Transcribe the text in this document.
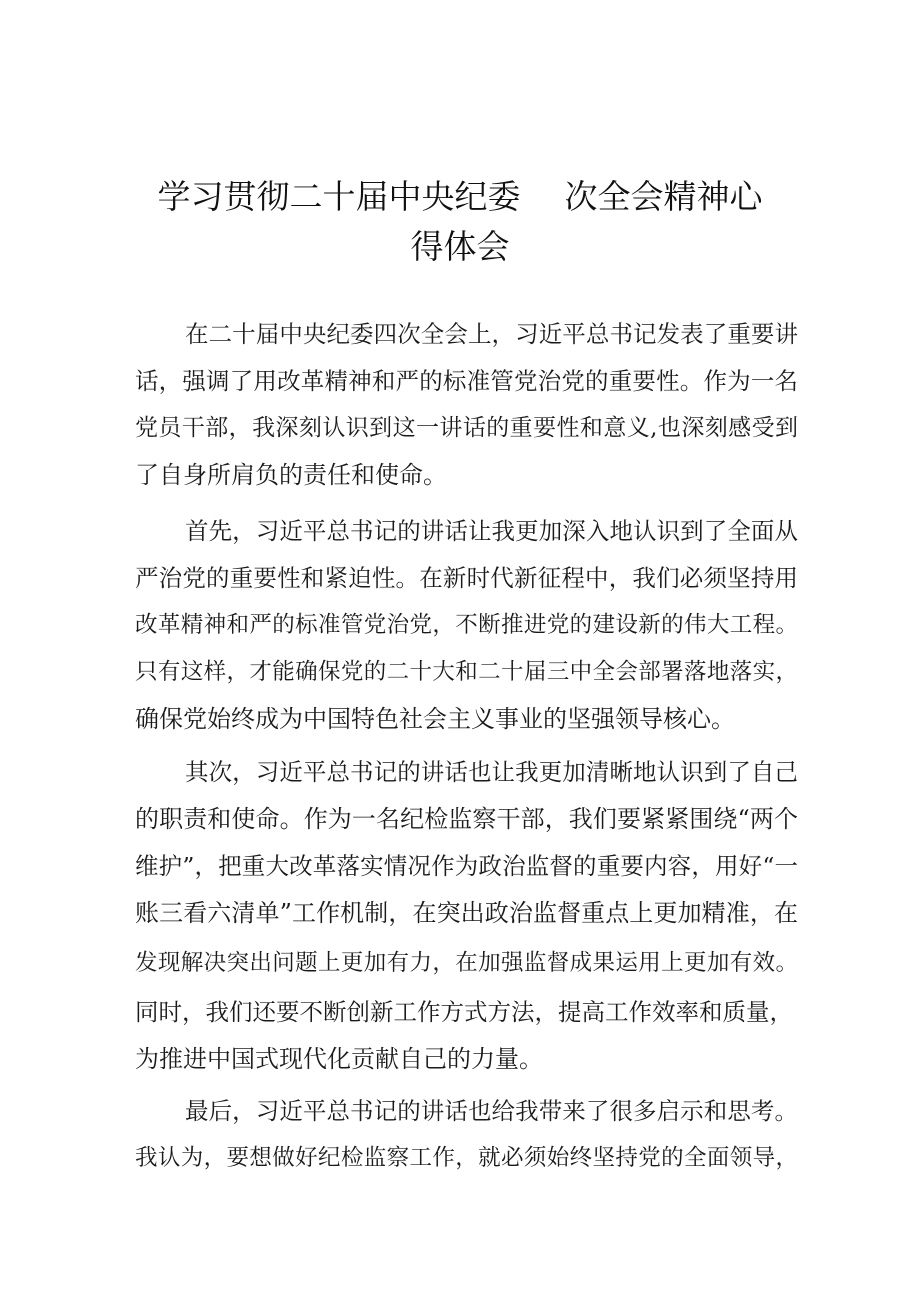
学习贯彻二十届中央纪委 次全会精神心
得体会
在二十届中央纪委四次全会上，习近平总书记发表了重要讲
话，强调了用改革精神和严的标准管党治党的重要性。作为一名
党员干部，我深刻认识到这一讲话的重要性和意义,也深刻感受到
了自身所肩负的责任和使命。
首先，习近平总书记的讲话让我更加深入地认识到了全面从
严治党的重要性和紧迫性。在新时代新征程中，我们必须坚持用
改革精神和严的标准管党治党，不断推进党的建设新的伟大工程。
只有这样，才能确保党的二十大和二十届三中全会部署落地落实，
确保党始终成为中国特色社会主义事业的坚强领导核心。
其次，习近平总书记的讲话也让我更加清晰地认识到了自己
的职责和使命。作为一名纪检监察干部，我们要紧紧围绕“两个
维护”，把重大改革落实情况作为政治监督的重要内容，用好“一
账三看六清单”工作机制，在突出政治监督重点上更加精准，在
发现解决突出问题上更加有力，在加强监督成果运用上更加有效。
同时，我们还要不断创新工作方式方法，提高工作效率和质量，
为推进中国式现代化贡献自己的力量。
最后，习近平总书记的讲话也给我带来了很多启示和思考。
我认为，要想做好纪检监察工作，就必须始终坚持党的全面领导，
